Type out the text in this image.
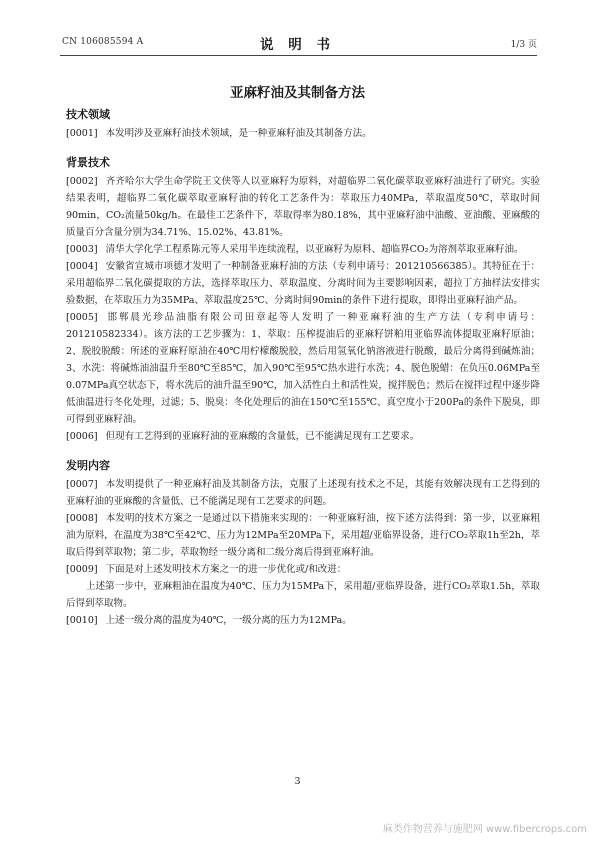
CN 106085594 A	说 明 书	1/3 页
亚麻籽油及其制备方法
技术领域

[0001] 本发明涉及亚麻籽油技术领域，是一种亚麻籽油及其制备方法。

背景技术

[0002] 齐齐哈尔大学生命学院王文侠等人以亚麻籽为原料，对超临界二氧化碳萃取亚麻籽油进行了研究。实验结果表明，超临界二氧化碳萃取亚麻籽油的转化工艺条件为：萃取压力40MPa，萃取温度50℃，萃取时间90min，CO₂流量50kg/h。在最佳工艺条件下，萃取得率为80.18%，其中亚麻籽油中油酸、亚油酸、亚麻酸的质量百分含量分别为34.71%、15.02%、43.81%。

[0003] 清华大学化学工程系陈元等人采用半连续流程，以亚麻籽为原料、超临界CO₂为溶剂萃取亚麻籽油。

[0004] 安徽省宣城市项德才发明了一种制备亚麻籽油的方法（专利申请号：201210566385）。其特征在于：采用超临界二氧化碳提取的方法，选择萃取压力、萃取温度、分离时间为主要影响因素，超拉丁方抽样法安排实验数据，在萃取压力为35MPa、萃取温度25℃、分离时间90min的条件下进行提取，即得出亚麻籽油产品。

[0005] 邯郸晨光珍品油脂有限公司田章起等人发明了一种亚麻籽油的生产方法（专利申请号：201210582334）。该方法的工艺步骤为：1、萃取：压榨提油后的亚麻籽饼粕用亚临界流体提取亚麻籽原油；2、脱胶脱酸：所述的亚麻籽原油在40℃用柠檬酸脱胶，然后用氢氧化钠溶液进行脱酸，最后分离得到碱炼油；3、水洗：将碱炼油油温升至80℃至85℃，加入90℃至95℃热水进行水洗；4、脱色脱蜡：在负压0.06MPa至0.07MPa真空状态下，将水洗后的油升温至90℃，加入活性白土和活性炭，搅拌脱色；然后在搅拌过程中逐步降低油温进行冬化处理，过滤；5、脱臭：冬化处理后的油在150℃至155℃、真空度小于200Pa的条件下脱臭，即可得到亚麻籽油。

[0006] 但现有工艺得到的亚麻籽油的亚麻酸的含量低，已不能满足现有工艺要求。

发明内容

[0007] 本发明提供了一种亚麻籽油及其制备方法，克服了上述现有技术之不足，其能有效解决现有工艺得到的亚麻籽油的亚麻酸的含量低、已不能满足现有工艺要求的问题。

[0008] 本发明的技术方案之一是通过以下措施来实现的：一种亚麻籽油，按下述方法得到：第一步，以亚麻粗油为原料，在温度为38℃至42℃、压力为12MPa至20MPa下，采用超/亚临界设备，进行CO₂萃取1h至2h，萃取后得到萃取物；第二步，萃取物经一级分离和二级分离后得到亚麻籽油。

[0009] 下面是对上述发明技术方案之一的进一步优化或/和改进：

上述第一步中，亚麻粗油在温度为40℃、压力为15MPa下，采用超/亚临界设备，进行CO₂萃取1.5h，萃取后得到萃取物。

[0010] 上述一级分离的温度为40℃，一级分离的压力为12MPa。

3
麻类作物营养与施肥网 www.fibercrops.com
